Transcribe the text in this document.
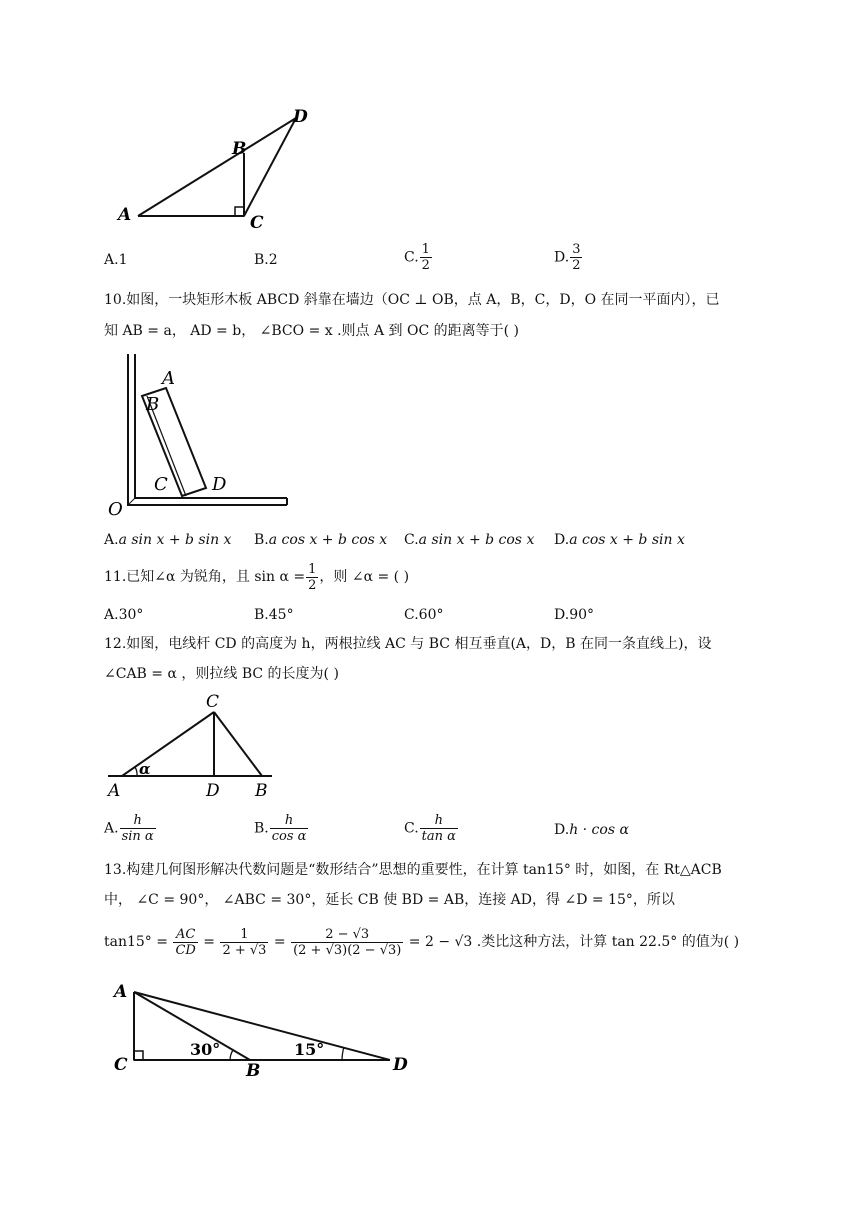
A
B
C
D
A.1	B.2	C. $\frac{1}{2}$	D. $\frac{3}{2}$
10.如图，一块矩形木板 ABCD 斜靠在墙边（OC ⊥ OB，点 A，B，C，D，O 在同一平面内），已
知 AB = a， AD = b， ∠BCO = x .则点 A 到 OC 的距离等于( )
A
B
C D
O
A.a sin x + b sin x B.a cos x + b cos x C.a sin x + b cos x D.a cos x + b sin x
11.已知∠α 为锐角，且 $\sin \alpha = \frac{1}{2}$ ，则 ∠α = ( )
A.30°	B.45°	C.60°	D.90°
12.如图，电线杆 CD 的高度为 h，两根拉线 AC 与 BC 相互垂直(A，D，B 在同一条直线上)，设
∠CAB = α ，则拉线 BC 的长度为( )
α
C
A	D B
A. $\frac{h}{\text{sin α}}$	B. $\frac{h}{\text{cos α}}$	C. $\frac{h}{\text{tan α}}$	D.h · cos α
13.构建几何图形解决代数问题是“数形结合”思想的重要性，在计算 tan15° 时，如图，在 Rt△ACB
中， ∠C = 90°， ∠ABC = 30°，延长 CB 使 BD = AB，连接 AD，得 ∠D = 15°，所以
$\tan 15^\circ = \frac{AC}{CD} = \frac{1}{2 + √3} = \frac{2 - √3}{(2 + √3)(2 - √3)} = 2 - √3$ .类比这种方法，计算 tan 22.5° 的值为( )
A
C	B	D
30°	15°
